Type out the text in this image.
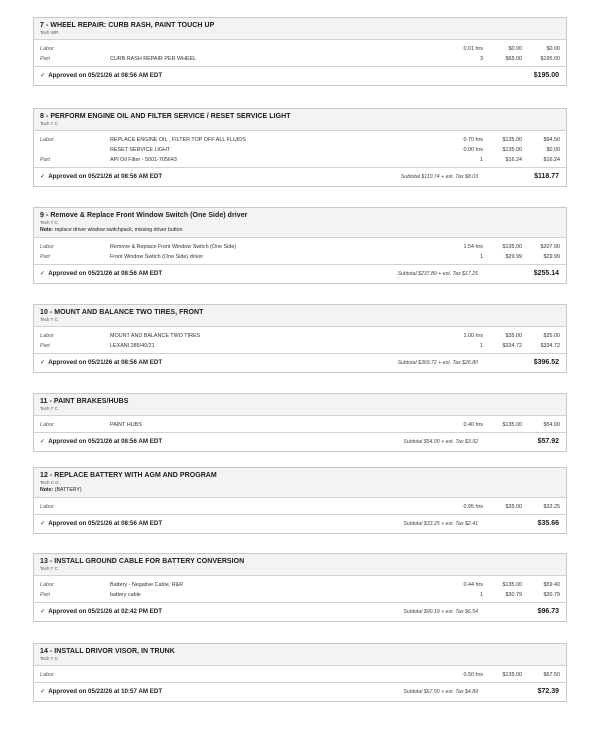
7 - WHEEL REPAIR: CURB RASH, PAINT TOUCH UP
Tech WR
Labor	0.01 hrs	$0.00	$0.00
Part	CURB RASH REPAIR PER WHEEL	3	$65.00	$195.00
✓ Approved on 05/21/26 at 08:56 AM EDT	$195.00
8 - PERFORM ENGINE OIL AND FILTER SERVICE / RESET SERVICE LIGHT
Tech T C
Labor	REPLACE ENGINE OIL , FILTER TOP OFF ALL FLUIDS	0.70 hrs	$135.00	$94.50
RESET SERVICE LIGHT	0.00 hrs	$135.00	$0.00
Part	API Oil Filter - 5001-705643	1	$16.24	$16.24
✓ Approved on 05/21/26 at 08:56 AM EDT	Subtotal $110.74 + est. Tax $8.03	$118.77
9 - Remove & Replace Front Window Switch (One Side) driver
Tech T C
Note: replace driver window switchpack, missing driver button
Labor	Remove & Replace Front Window Switch (One Side)	1.54 hrs	$135.00	$207.90
Part	Front Window Switch (One Side) driver	1	$29.99	$29.99
✓ Approved on 05/21/26 at 08:56 AM EDT	Subtotal $237.89 + est. Tax $17.25	$255.14
10 - MOUNT AND BALANCE TWO TIRES, FRONT
Tech T C
Labor	MOUNT AND BALANCE TWO TIRES	1.00 hrs	$35.00	$35.00
Part	LEXANI 285/40/21	1	$334.72	$334.72
✓ Approved on 05/21/26 at 08:56 AM EDT	Subtotal $369.72 + est. Tax $26.80	$396.52
11 - PAINT BRAKES/HUBS
Tech T C
Labor	PAINT HUBS	0.40 hrs	$135.00	$54.00
✓ Approved on 05/21/26 at 08:56 AM EDT	Subtotal $54.00 + est. Tax $3.92	$57.92
12 - REPLACE BATTERY WITH AGM AND PROGRAM
Tech C G
Note: (BATTERY)
Labor	0.95 hrs	$35.00	$33.25
✓ Approved on 05/21/26 at 08:56 AM EDT	Subtotal $33.25 + est. Tax $2.41	$35.66
13 - INSTALL GROUND CABLE FOR BATTERY CONVERSION
Tech T C
Labor	Battery - Negative Cable, R&R	0.44 hrs	$135.00	$59.40
Part	battery cable	1	$30.79	$30.79
✓ Approved on 05/21/26 at 02:42 PM EDT	Subtotal $90.19 + est. Tax $6.54	$96.73
14 - INSTALL DRIVOR VISOR, IN TRUNK
Tech T C
Labor	0.50 hrs	$135.00	$67.50
✓ Approved on 05/22/26 at 10:57 AM EDT	Subtotal $67.50 + est. Tax $4.89	$72.39
